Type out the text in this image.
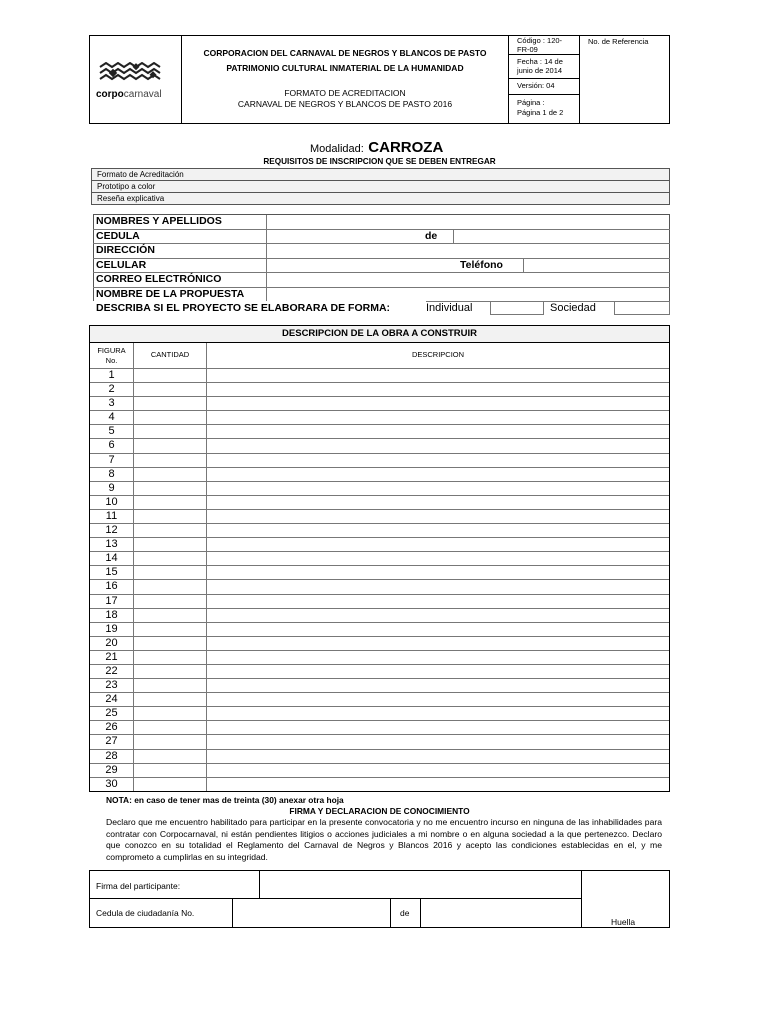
corpocarnaval
CORPORACION DEL CARNAVAL DE NEGROS Y BLANCOS DE PASTO
PATRIMONIO CULTURAL INMATERIAL DE LA HUMANIDAD
FORMATO DE ACREDITACION
CARNAVAL DE NEGROS Y BLANCOS DE PASTO 2016
Código : 120-
FR-09
Fecha : 14 de
junio de 2014
Versión: 04
Página :
Página 1 de 2
No. de Referencia
Modalidad: CARROZA
REQUISITOS DE INSCRIPCION QUE SE DEBEN ENTREGAR
Formato de Acreditación
Prototipo a color
Reseña explicativa
NOMBRES Y APELLIDOS
CEDULA	de
DIRECCIÓN
CELULAR	Teléfono
CORREO ELECTRÓNICO
NOMBRE DE LA PROPUESTA
DESCRIBA SI EL PROYECTO SE ELABORARA DE FORMA:	Individual	Sociedad
DESCRIPCION DE LA OBRA A CONSTRUIR
FIGURA
No.
CANTIDAD	DESCRIPCION
1
2
3
4
5
6
7
8
9
10
11
12
13
14
15
16
17
18
19
20
21
22
23
24
25
26
27
28
29
30
NOTA: en caso de tener mas de treinta (30) anexar otra hoja
FIRMA Y DECLARACION DE CONOCIMIENTO
Declaro que me encuentro habilitado para participar en la presente convocatoria y no me encuentro incurso en ninguna de las inhabilidades para contratar con Corpocarnaval, ni están pendientes litigios o acciones judiciales a mi nombre o en alguna sociedad a la que pertenezco. Declaro que conozco en su totalidad el Reglamento del Carnaval de Negros y Blancos 2016 y acepto las condiciones establecidas en el, y me comprometo a cumplirlas en su integridad.
Firma del participante:
Cedula de ciudadanía No.	de
Huella
